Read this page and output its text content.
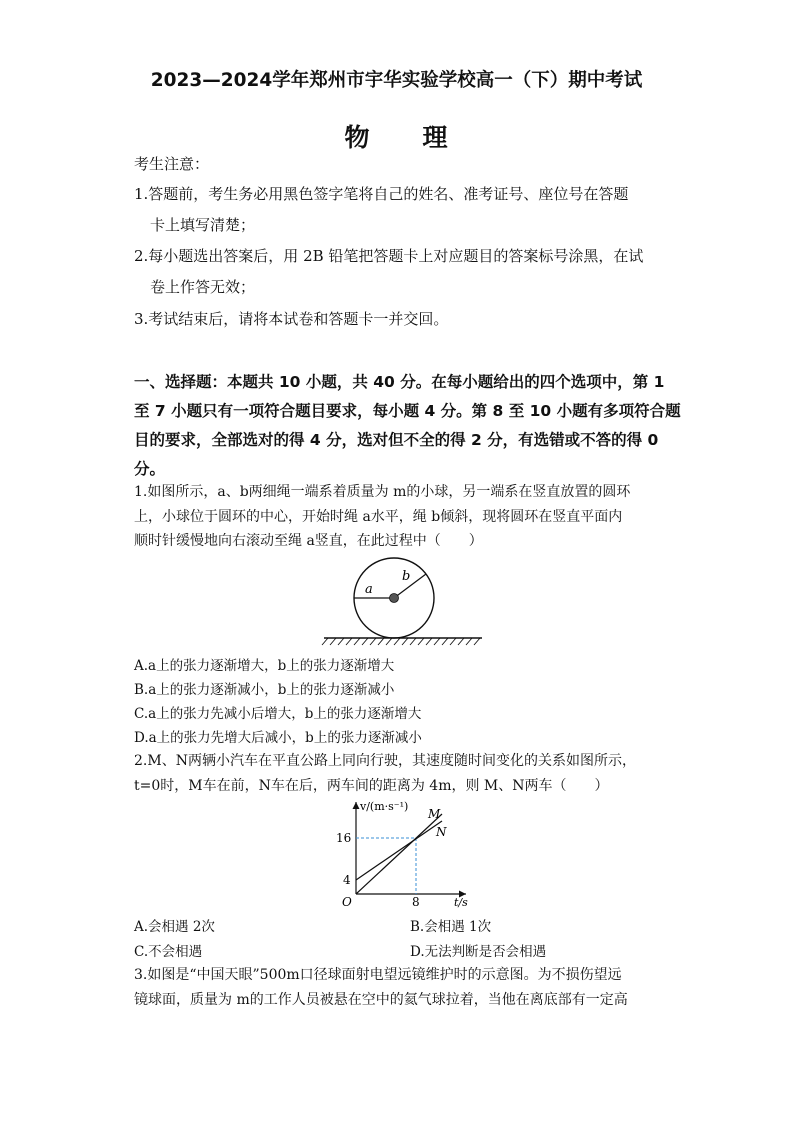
2023—2024学年郑州市宇华实验学校高一（下）期中考试
物　　理
考生注意：
1.答题前，考生务必用黑色签字笔将自己的姓名、准考证号、座位号在答题
卡上填写清楚；
2.每小题选出答案后，用 2B 铅笔把答题卡上对应题目的答案标号涂黑，在试
卷上作答无效；
3.考试结束后，请将本试卷和答题卡一并交回。
一、选择题：本题共 10 小题，共 40 分。在每小题给出的四个选项中，第 1
至 7 小题只有一项符合题目要求，每小题 4 分。第 8 至 10 小题有多项符合题
目的要求，全部选对的得 4 分，选对但不全的得 2 分，有选错或不答的得 0
分。
1.如图所示，a、b两细绳一端系着质量为 m的小球，另一端系在竖直放置的圆环
上，小球位于圆环的中心，开始时绳 a水平，绳 b倾斜，现将圆环在竖直平面内
顺时针缓慢地向右滚动至绳 a竖直，在此过程中（　　）
a
b
A.a上的张力逐渐增大，b上的张力逐渐增大
B.a上的张力逐渐减小，b上的张力逐渐减小
C.a上的张力先减小后增大，b上的张力逐渐增大
D.a上的张力先增大后减小，b上的张力逐渐减小
2.M、N两辆小汽车在平直公路上同向行驶，其速度随时间变化的关系如图所示，
t=0时，M车在前，N车在后，两车间的距离为 4m，则 M、N两车（　　）
v/(m·s⁻¹)
t/s
O
16
4
8
M
N
A.会相遇 2次	B.会相遇 1次
C.不会相遇	D.无法判断是否会相遇
3.如图是“中国天眼”500m口径球面射电望远镜维护时的示意图。为不损伤望远
镜球面，质量为 m的工作人员被悬在空中的氦气球拉着，当他在离底部有一定高
